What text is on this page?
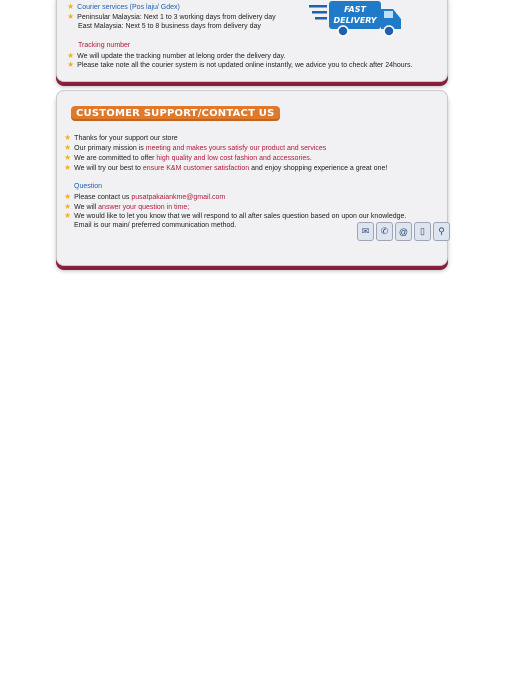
★ Courier services (Pos laju/ Gdex)
★ Peninsular Malaysia: Next 1 to 3 working days from delivery day
East Malaysia: Next 5 to 8 business days from delivery day
Tracking number
★ We will update the tracking number at lelong order the delivery day.
★ Please take note all the courier system is not updated online instantly, we advice you to check after 24hours.
FAST
DELIVERY
CUSTOMER SUPPORT/CONTACT US
★ Thanks for your support our store
★ Our primary mission is meeting and makes yours satisfy our product and services
★ We are committed to offer high quality and low cost fashion and accessories.
★ We will try our best to ensure K&M customer satisfaction and enjoy shopping experience a great one!
Question
★ Please contact us pusatpakaiankme@gmail.com
★ We will answer your question in time;
★ We would like to let you know that we will respond to all after sales question based on upon our knowledge.
Email is our main/ preferred communication method.
✉	✆	@	▯	⚲
